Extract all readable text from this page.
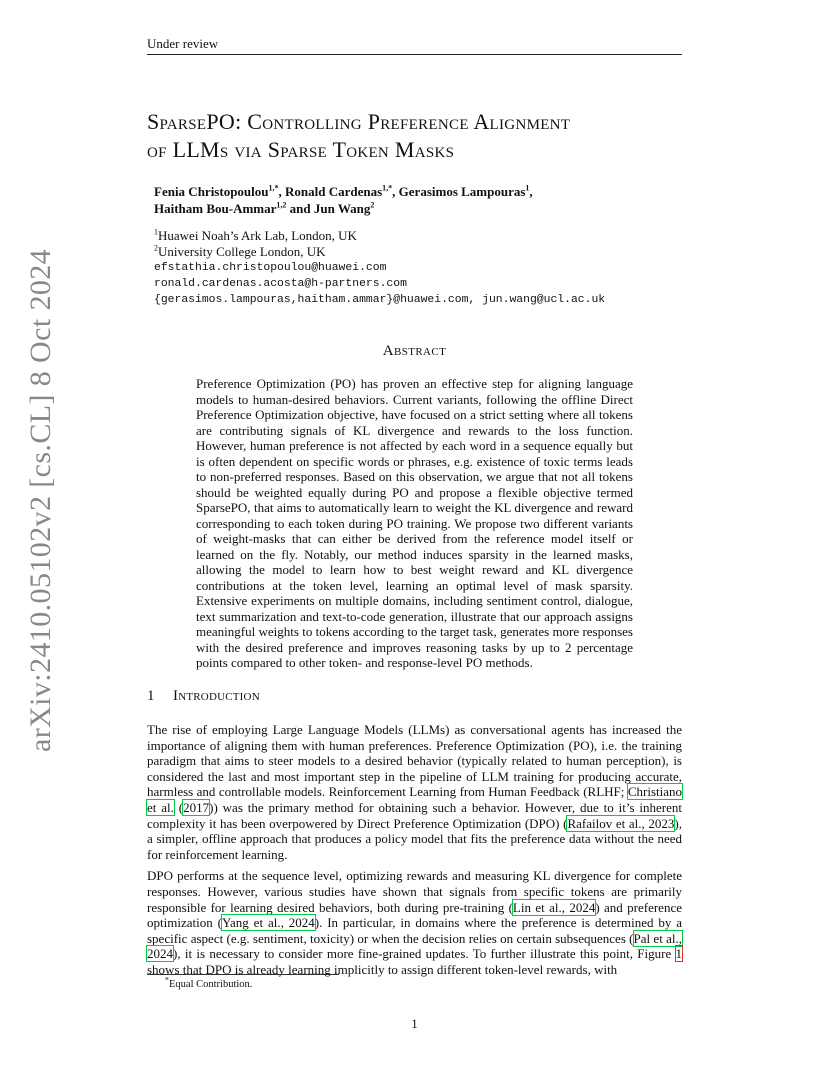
Under review
arXiv:2410.05102v2 [cs.CL] 8 Oct 2024
SparsePO: Controlling Preference Alignment
of LLMs via Sparse Token Masks
Fenia Christopoulou$^{1,*}$, Ronald Cardenas$^{1,*}$, Gerasimos Lampouras$^1$,
Haitham Bou-Ammar$^{1,2}$ and Jun Wang$^2$
$^1$Huawei Noah’s Ark Lab, London, UK
$^2$University College London, UK
efstathia.christopoulou@huawei.com
ronald.cardenas.acosta@h-partners.com
{gerasimos.lampouras,haitham.ammar}@huawei.com, jun.wang@ucl.ac.uk
Abstract
Preference Optimization (PO) has proven an effective step for aligning language models to human-desired behaviors. Current variants, following the offline Direct Preference Optimization objective, have focused on a strict setting where all tokens are contributing signals of KL divergence and rewards to the loss function. However, human preference is not affected by each word in a sequence equally but is often dependent on specific words or phrases, e.g. existence of toxic terms leads to non-preferred responses. Based on this observation, we argue that not all tokens should be weighted equally during PO and propose a flexible objective termed SparsePO, that aims to automatically learn to weight the KL divergence and reward corresponding to each token during PO training. We propose two different variants of weight-masks that can either be derived from the reference model itself or learned on the fly. Notably, our method induces sparsity in the learned masks, allowing the model to learn how to best weight reward and KL divergence contributions at the token level, learning an optimal level of mask sparsity. Extensive experiments on multiple domains, including sentiment control, dialogue, text summarization and text-to-code generation, illustrate that our approach assigns meaningful weights to tokens according to the target task, generates more responses with the desired preference and improves reasoning tasks by up to 2 percentage points compared to other token- and response-level PO methods.
1 Introduction

The rise of employing Large Language Models (LLMs) as conversational agents has increased the importance of aligning them with human preferences. Preference Optimization (PO), i.e. the training paradigm that aims to steer models to a desired behavior (typically related to human perception), is considered the last and most important step in the pipeline of LLM training for producing accurate, harmless and controllable models. Reinforcement Learning from Human Feedback (RLHF; Christiano et al. (2017)) was the primary method for obtaining such a behavior. However, due to it’s inherent complexity it has been overpowered by Direct Preference Optimization (DPO) (Rafailov et al., 2023), a simpler, offline approach that produces a policy model that fits the preference data without the need for reinforcement learning.

DPO performs at the sequence level, optimizing rewards and measuring KL divergence for complete responses. However, various studies have shown that signals from specific tokens are primarily responsible for learning desired behaviors, both during pre-training (Lin et al., 2024) and preference optimization (Yang et al., 2024). In particular, in domains where the preference is determined by a specific aspect (e.g. sentiment, toxicity) or when the decision relies on certain subsequences (Pal et al., 2024), it is necessary to consider more fine-grained updates. To further illustrate this point, Figure 1 shows that DPO is already learning implicitly to assign different token-level rewards, with

*Equal Contribution.
1
